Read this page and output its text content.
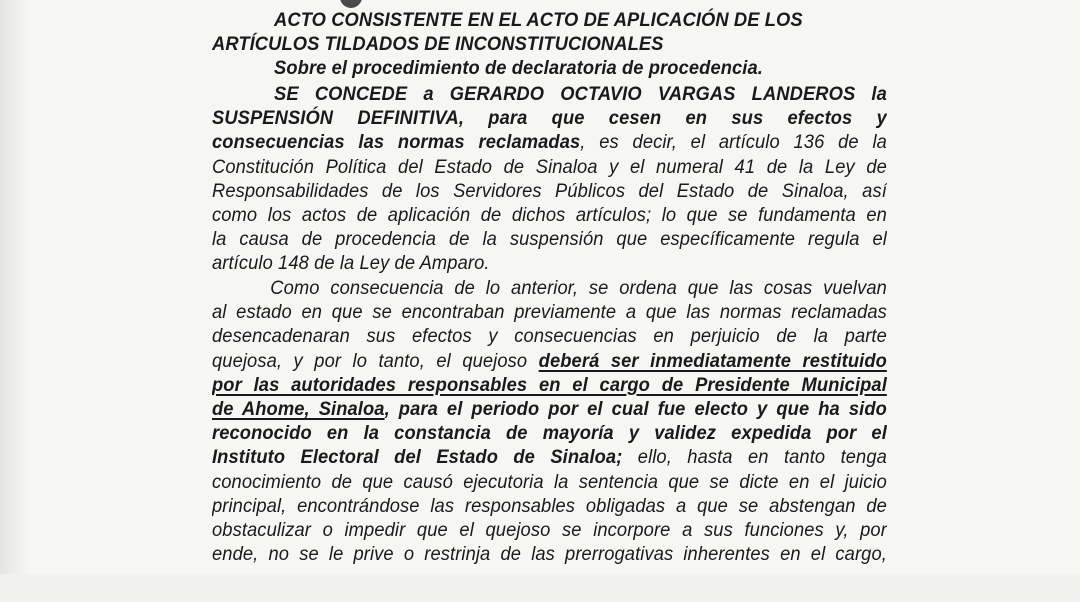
ACTO CONSISTENTE EN EL ACTO DE APLICACIÓN DE LOS
ARTÍCULOS TILDADOS DE INCONSTITUCIONALES
Sobre el procedimiento de declaratoria de procedencia.
SE CONCEDE a GERARDO OCTAVIO VARGAS LANDEROS la
SUSPENSIÓN DEFINITIVA, para que cesen en sus efectos y
consecuencias las normas reclamadas, es decir, el artículo 136 de la
Constitución Política del Estado de Sinaloa y el numeral 41 de la Ley de
Responsabilidades de los Servidores Públicos del Estado de Sinaloa, así
como los actos de aplicación de dichos artículos; lo que se fundamenta en
la causa de procedencia de la suspensión que específicamente regula el
artículo 148 de la Ley de Amparo.
Como consecuencia de lo anterior, se ordena que las cosas vuelvan
al estado en que se encontraban previamente a que las normas reclamadas
desencadenaran sus efectos y consecuencias en perjuicio de la parte
quejosa, y por lo tanto, el quejoso deberá ser inmediatamente restituido
por las autoridades responsables en el cargo de Presidente Municipal
de Ahome, Sinaloa, para el periodo por el cual fue electo y que ha sido
reconocido en la constancia de mayoría y validez expedida por el
Instituto Electoral del Estado de Sinaloa; ello, hasta en tanto tenga
conocimiento de que causó ejecutoria la sentencia que se dicte en el juicio
principal, encontrándose las responsables obligadas a que se abstengan de
obstaculizar o impedir que el quejoso se incorpore a sus funciones y, por
ende, no se le prive o restrinja de las prerrogativas inherentes en el cargo,
